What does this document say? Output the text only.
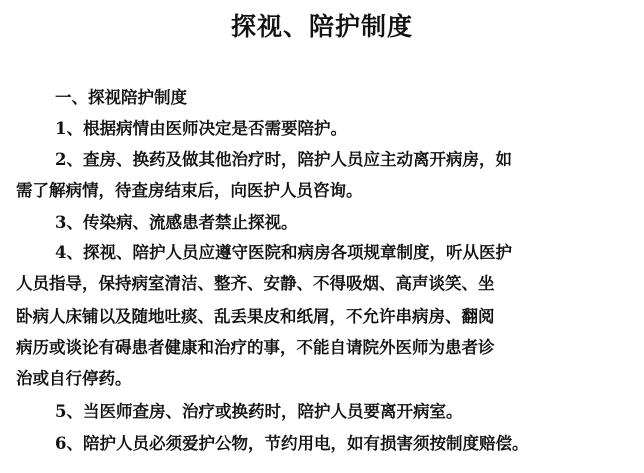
探视、陪护制度
一、探视陪护制度
1、根据病情由医师决定是否需要陪护。
2、查房、换药及做其他治疗时，陪护人员应主动离开病房，如
需了解病情，待查房结束后，向医护人员咨询。
3、传染病、流感患者禁止探视。
4、探视、陪护人员应遵守医院和病房各项规章制度，听从医护
人员指导，保持病室清洁、整齐、安静、不得吸烟、高声谈笑、坐
卧病人床铺以及随地吐痰、乱丢果皮和纸屑，不允许串病房、翻阅
病历或谈论有碍患者健康和治疗的事，不能自请院外医师为患者诊
治或自行停药。
5、当医师查房、治疗或换药时，陪护人员要离开病室。
6、陪护人员必须爱护公物，节约用电，如有损害须按制度赔偿。
